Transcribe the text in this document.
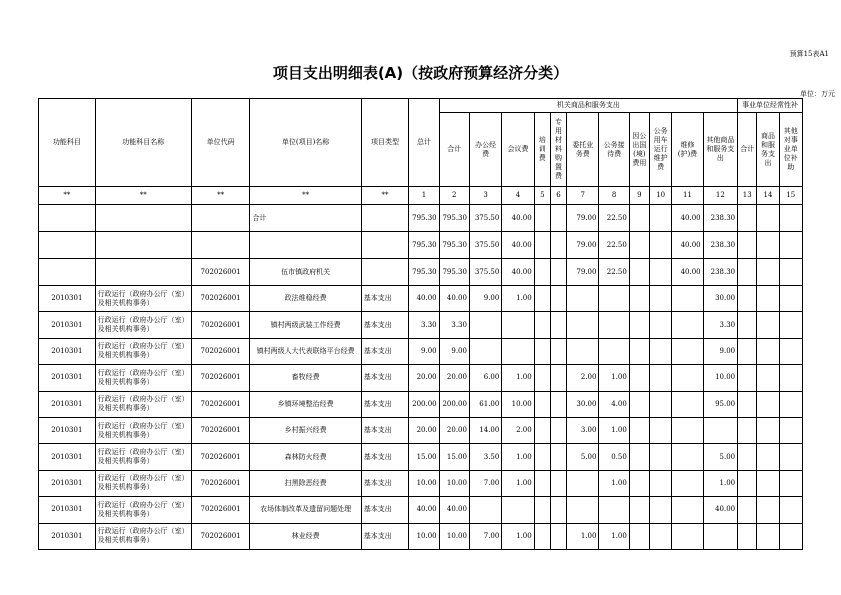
预算15表A1
项目支出明细表(A)（按政府预算经济分类）
单位：万元
功能科目	功能科目名称	单位代码	单位(项目)名称	项目类型	总计	机关商品和服务支出											事业单位经常性补		
						合计	办公经费	会议费	培训费	专用材料购置费	委托业务费	公务接待费	因公出国(境)费用	公务用车运行维护费	维修(护)费	其他商品和服务支出	合计	商品和服务支出	其他对事业单位补助
**	**	**	**	**	1	2	3	4	5	6	7	8	9	10	11	12	13	14	15
			合计		795.30	795.30	375.50	40.00			79.00	22.50			40.00	238.30			
					795.30	795.30	375.50	40.00			79.00	22.50			40.00	238.30			
		702026001	伍市镇政府机关		795.30	795.30	375.50	40.00			79.00	22.50			40.00	238.30			
2010301	行政运行（政府办公厅（室）及相关机构事务）	702026001	政法维稳经费	基本支出	40.00	40.00	9.00	1.00								30.00			
2010301	行政运行（政府办公厅（室）及相关机构事务）	702026001	镇村两级武装工作经费	基本支出	3.30	3.30										3.30			
2010301	行政运行（政府办公厅（室）及相关机构事务）	702026001	镇村两级人大代表联络平台经费	基本支出	9.00	9.00										9.00			
2010301	行政运行（政府办公厅（室）及相关机构事务）	702026001	畜牧经费	基本支出	20.00	20.00	6.00	1.00			2.00	1.00				10.00			
2010301	行政运行（政府办公厅（室）及相关机构事务）	702026001	乡镇环境整治经费	基本支出	200.00	200.00	61.00	10.00			30.00	4.00				95.00			
2010301	行政运行（政府办公厅（室）及相关机构事务）	702026001	乡村振兴经费	基本支出	20.00	20.00	14.00	2.00			3.00	1.00							
2010301	行政运行（政府办公厅（室）及相关机构事务）	702026001	森林防火经费	基本支出	15.00	15.00	3.50	1.00			5.00	0.50				5.00			
2010301	行政运行（政府办公厅（室）及相关机构事务）	702026001	扫黑除恶经费	基本支出	10.00	10.00	7.00	1.00				1.00				1.00			
2010301	行政运行（政府办公厅（室）及相关机构事务）	702026001	农场体制改革及遗留问题处理	基本支出	40.00	40.00										40.00			
2010301	行政运行（政府办公厅（室）及相关机构事务）	702026001	林业经费	基本支出	10.00	10.00	7.00	1.00			1.00	1.00							
